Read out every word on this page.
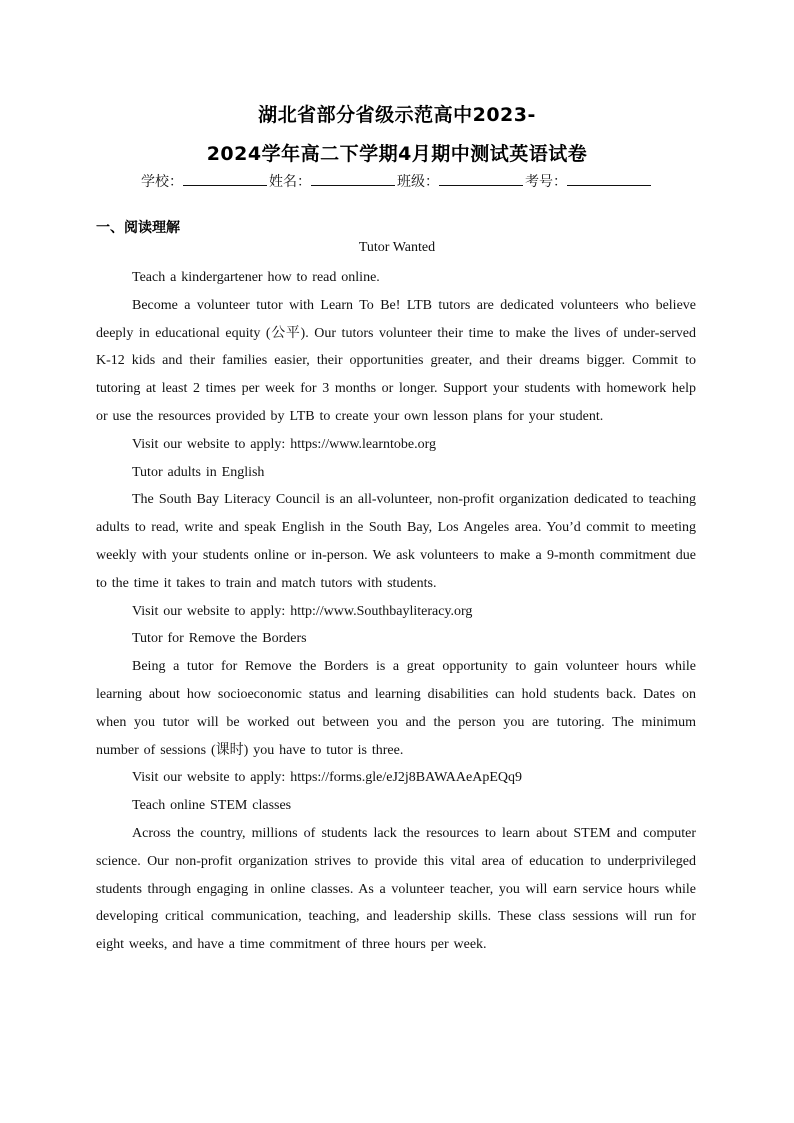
湖北省部分省级示范高中2023-
2024学年高二下学期4月期中测试英语试卷
学校：	姓名：	班级：	考号：
一、阅读理解
Tutor Wanted

Teach a kindergartener how to read online.

Become a volunteer tutor with Learn To Be! LTB tutors are dedicated volunteers who believe deeply in educational equity (公平). Our tutors volunteer their time to make the lives of under-served K-12 kids and their families easier, their opportunities greater, and their dreams bigger. Commit to tutoring at least 2 times per week for 3 months or longer. Support your students with homework help or use the resources provided by LTB to create your own lesson plans for your student.

Visit our website to apply: https://www.learntobe.org

Tutor adults in English

The South Bay Literacy Council is an all-volunteer, non-profit organization dedicated to teaching adults to read, write and speak English in the South Bay, Los Angeles area. You’d commit to meeting weekly with your students online or in-person. We ask volunteers to make a 9-month commitment due to the time it takes to train and match tutors with students.

Visit our website to apply: http://www.Southbayliteracy.org

Tutor for Remove the Borders

Being a tutor for Remove the Borders is a great opportunity to gain volunteer hours while learning about how socioeconomic status and learning disabilities can hold students back. Dates on when you tutor will be worked out between you and the person you are tutoring. The minimum number of sessions (课时) you have to tutor is three.

Visit our website to apply: https://forms.gle/eJ2j8BAWAAeApEQq9

Teach online STEM classes

Across the country, millions of students lack the resources to learn about STEM and computer science. Our non-profit organization strives to provide this vital area of education to underprivileged students through engaging in online classes. As a volunteer teacher, you will earn service hours while developing critical communication, teaching, and leadership skills. These class sessions will run for eight weeks, and have a time commitment of three hours per week.
